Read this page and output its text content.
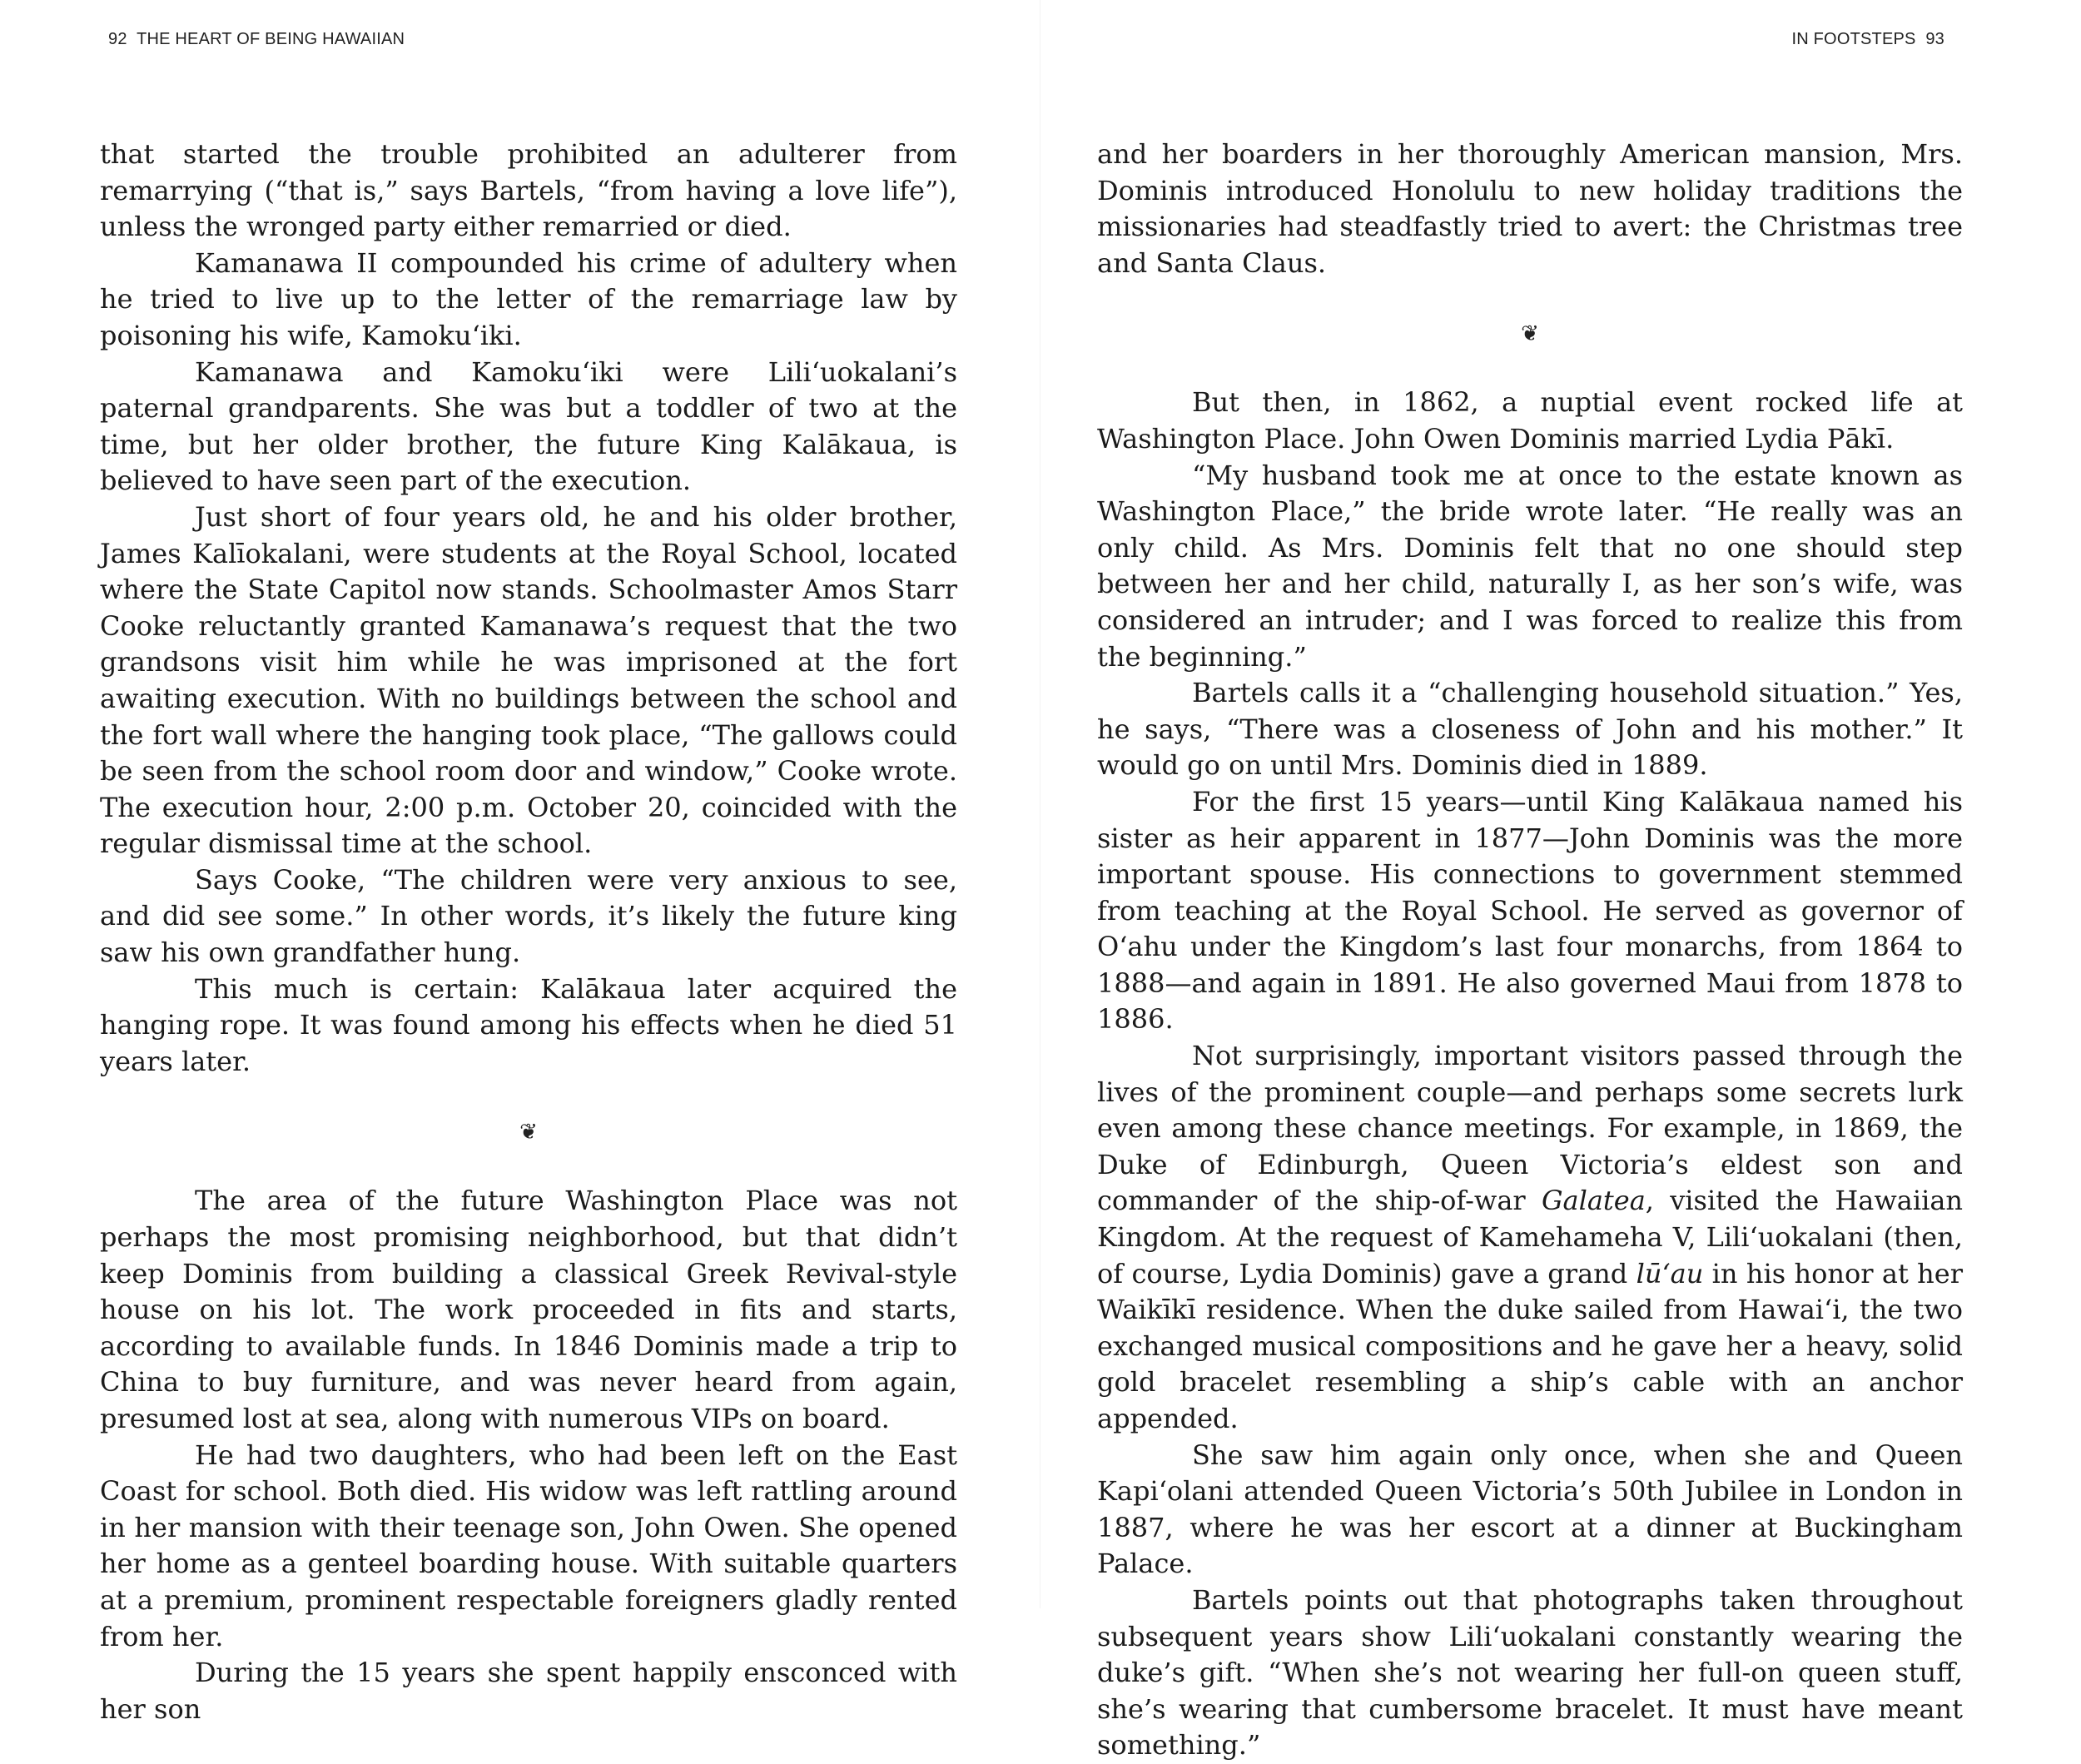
92 THE HEART OF BEING HAWAIIAN

that started the trouble prohibited an adulterer from remarrying (“that is,” says Bartels, “from having a love life”), unless the wronged party either remarried or died.

Kamanawa II compounded his crime of adultery when he tried to live up to the letter of the remarriage law by poisoning his wife, Kamoku‘iki.

Kamanawa and Kamoku‘iki were Lili‘uokalani’s paternal grandparents. She was but a toddler of two at the time, but her older brother, the future King Kalākaua, is believed to have seen part of the execution.

Just short of four years old, he and his older brother, James Kalīokalani, were students at the Royal School, located where the State Capitol now stands. Schoolmaster Amos Starr Cooke reluctantly granted Kamanawa’s request that the two grandsons visit him while he was imprisoned at the fort awaiting execution. With no buildings between the school and the fort wall where the hanging took place, “The gallows could be seen from the school room door and window,” Cooke wrote. The execution hour, 2:00 p.m. October 20, coincided with the regular dismissal time at the school.

Says Cooke, “The children were very anxious to see, and did see some.” In other words, it’s likely the future king saw his own grandfather hung.

This much is certain: Kalākaua later acquired the hanging rope. It was found among his effects when he died 51 years later.

❦

The area of the future Washington Place was not perhaps the most promising neighborhood, but that didn’t keep Dominis from building a classical Greek Revival-style house on his lot. The work proceeded in fits and starts, according to available funds. In 1846 Dominis made a trip to China to buy furniture, and was never heard from again, presumed lost at sea, along with numerous VIPs on board.

He had two daughters, who had been left on the East Coast for school. Both died. His widow was left rattling around in her mansion with their teenage son, John Owen. She opened her home as a genteel boarding house. With suitable quarters at a premium, prominent respectable foreigners gladly rented from her.

During the 15 years she spent happily ensconced with her son

IN FOOTSTEPS 93

and her boarders in her thoroughly American mansion, Mrs. Dominis introduced Honolulu to new holiday traditions the missionaries had steadfastly tried to avert: the Christmas tree and Santa Claus.

❦

But then, in 1862, a nuptial event rocked life at Washington Place. John Owen Dominis married Lydia Pākī.

“My husband took me at once to the estate known as Washington Place,” the bride wrote later. “He really was an only child. As Mrs. Dominis felt that no one should step between her and her child, naturally I, as her son’s wife, was considered an intruder; and I was forced to realize this from the beginning.”

Bartels calls it a “challenging household situation.” Yes, he says, “There was a closeness of John and his mother.” It would go on until Mrs. Dominis died in 1889.

For the first 15 years—until King Kalākaua named his sister as heir apparent in 1877—John Dominis was the more important spouse. His connections to government stemmed from teaching at the Royal School. He served as governor of O‘ahu under the Kingdom’s last four monarchs, from 1864 to 1888—and again in 1891. He also governed Maui from 1878 to 1886.

Not surprisingly, important visitors passed through the lives of the prominent couple—and perhaps some secrets lurk even among these chance meetings. For example, in 1869, the Duke of Edinburgh, Queen Victoria’s eldest son and commander of the ship-of-war Galatea, visited the Hawaiian Kingdom. At the request of Kamehameha V, Lili‘uokalani (then, of course, Lydia Dominis) gave a grand lū‘au in his honor at her Waikīkī residence. When the duke sailed from Hawai‘i, the two exchanged musical compositions and he gave her a heavy, solid gold bracelet resembling a ship’s cable with an anchor appended.

She saw him again only once, when she and Queen Kapi‘olani attended Queen Victoria’s 50th Jubilee in London in 1887, where he was her escort at a dinner at Buckingham Palace.

Bartels points out that photographs taken throughout subsequent years show Lili‘uokalani constantly wearing the duke’s gift. “When she’s not wearing her full-on queen stuff, she’s wearing that cumbersome bracelet. It must have meant something.”
